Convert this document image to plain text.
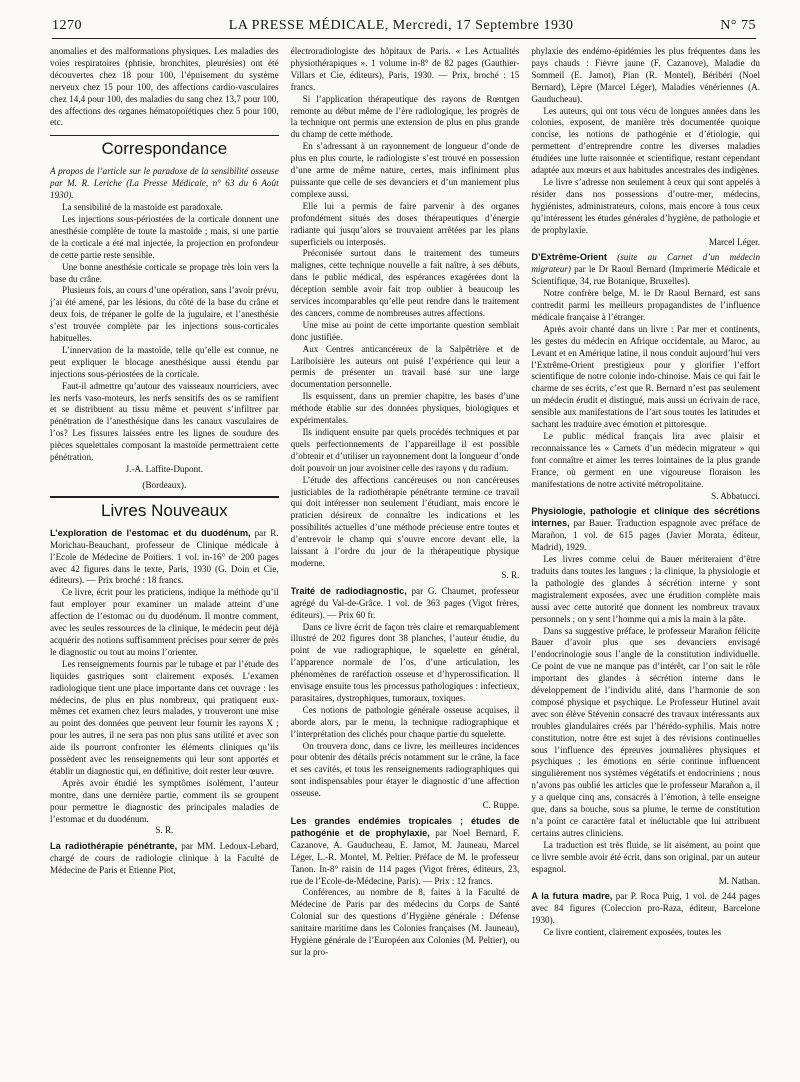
1270	LA PRESSE MÉDICALE, Mercredi, 17 Septembre 1930	N° 75

anomalies et des malformations physiques. Les maladies des voies respiratoires (phtisie, bronchites, pleurésies) ont été découvertes chez 18 pour 100, l’épuisement du système nerveux chez 15 pour 100, des affections cardio-vasculaires chez 14,4 pour 100, des maladies du sang chez 13,7 pour 100, des affections des organes hématopoïétiques chez 5 pour 100, etc.

Correspondance

A propos de l’article sur le paradoxe de la sensibilité osseuse par M. R. Leriche (La Presse Médicale, n° 63 du 6 Août 1930).

La sensibilité de la mastoïde est paradoxale.

Les injections sous-périostées de la corticale donnent une anesthésie complète de toute la mastoïde ; mais, si une partie de la corticale a été mal injectée, la projection en profondeur de cette partie reste sensible.

Une bonne anesthésie corticale se propage très loin vers la base du crâne.

Plusieurs fois, au cours d’une opération, sans l’avoir prévu, j’ai été amené, par les lésions, du côté de la base du crâne et deux fois, de trépaner le golfe de la jugulaire, et l’anesthésie s’est trouvée complète par les injections sous-corticales habituelles.

L’innervation de la mastoïde, telle qu’elle est connue, ne peut expliquer le blocage anesthésique aussi étendu par injections sous-périostées de la corticale.

Faut-il admettre qu’autour des vaisseaux nourriciers, avec les nerfs vaso-moteurs, les nerfs sensitifs des os se ramifient et se distribuent au tissu même et peuvent s’infiltrer par pénétration de l’anesthésique dans les canaux vasculaires de l’os? Les fissures laissées entre les lignes de soudure des pièces squelettales composant la mastoïde permettraient cette pénétration.

J.-A. Laffite-Dupont.

(Bordeaux).

Livres Nouveaux

L’exploration de l’estomac et du duodénum, par R. Morichau-Beauchant, professeur de Clinique médicale à l’Ecole de Médecine de Poitiers. 1 vol. in-16° de 200 pages avec 42 figures dans le texte, Paris, 1930 (G. Doin et Cie, éditeurs). — Prix broché : 18 francs.

Ce livre, écrit pour les praticiens, indique la méthode qu’il faut employer pour examiner un malade atteint d’une affection de l’estomac ou du duodénum. Il montre comment, avec les seules ressources de la clinique, le médecin peut déjà acquérir des notions suffisamment précises pour serrer de près le diagnostic ou tout au moins l’orienter.

Les renseignements fournis par le tubage et par l’étude des liquides gastriques sont clairement exposés. L’examen radiologique tient une place importante dans cet ouvrage : les médecins, de plus en plus nombreux, qui pratiquent eux-mêmes cet examen chez leurs malades, y trouveront une mise au point des données que peuvent leur fournir les rayons X ; pour les autres, il ne sera pas non plus sans utilité et avec son aide ils pourront confronter les éléments cliniques qu’ils possèdent avec les renseignements qui leur sont apportés et établir un diagnostic qui, en définitive, doit rester leur œuvre.

Après avoir étudié les symptômes isolément, l’auteur montre, dans une dernière partie, comment ils se groupent pour permettre le diagnostic des principales maladies de l’estomac et du duodénum.

S. R.

La radiothérapie pénétrante, par MM. Ledoux-Lebard, chargé de cours de radiologie clinique à la Faculté de Médecine de Paris et Etienne Piot,

électroradiologiste des hôpitaux de Paris. « Les Actualités physiothérapiques ». 1 volume in-8° de 82 pages (Gauthier-Villars et Cie, éditeurs), Paris, 1930. — Prix, broché : 15 francs.

Si l’application thérapeutique des rayons de Rœntgen remonte au début même de l’ère radiologique, les progrès de la technique ont permis une extension de plus en plus grande du champ de cette méthode.

En s’adressant à un rayonnement de longueur d’onde de plus en plus courte, le radiologiste s’est trouvé en possession d’une arme de même nature, certes, mais infiniment plus puissante que celle de ses devanciers et d’un maniement plus complexe aussi.

Elle lui a permis de faire parvenir à des organes profondément situés des doses thérapeutiques d’énergie radiante qui jusqu’alors se trouvaient arrêtées par les plans superficiels ou interposés.

Préconisée surtout dans le traitement des tumeurs malignes, cette technique nouvelle a fait naître, à ses débuts, dans le public médical, des espérances exagérées dont la déception semble avoir fait trop oublier à beaucoup les services incomparables qu’elle peut rendre dans le traitement des cancers, comme de nombreuses autres affections.

Une mise au point de cette importante question semblait donc justifiée.

Aux Centres anticancéreux de la Salpêtrière et de Lariboisière les auteurs ont puisé l’expérience qui leur a permis de présenter un travail basé sur une large documentation personnelle.

Ils esquissent, dans un premier chapitre, les bases d’une méthode établie sur des données physiques, biologiques et expérimentales.

Ils indiquent ensuite par quels procédés techniques et par quels perfectionnements de l’appareillage il est possible d’obtenir et d’utiliser un rayonnement dont la longueur d’onde doit pouvoir un jour avoisiner celle des rayons γ du radium.

L’étude des affections cancéreuses ou non cancéreuses justiciables de la radiothérapie pénétrante termine ce travail qui doit intéresser non seulement l’étudiant, mais encore le praticien désireux de connaître les indications et les possibilités actuelles d’une méthode précieuse entre toutes et d’entrevoir le champ qui s’ouvre encore devant elle, la laissant à l’ordre du jour de la thérapeutique physique moderne.

S. R.

Traité de radiodiagnostic, par G. Chaumet, professeur agrégé du Val-de-Grâce. 1 vol. de 363 pages (Vigot frères, éditeurs). — Prix 60 fr.

Dans ce livre écrit de façon très claire et remarquablement illustré de 202 figures dont 38 planches, l’auteur étudie, du point de vue radiographique, le squelette en général, l’apparence normale de l’os, d’une articulation, les phénomènes de raréfaction osseuse et d’hyperossification. Il envisage ensuite tous les processus pathologiques : infectieux, parasitaires, dystrophiques, tumoraux, toxiques.

Ces notions de pathologie générale osseuse acquises, il aborde alors, par le menu, la technique radiographique et l’interprétation des clichés pour chaque partie du squelette.

On trouvera donc, dans ce livre, les meilleures incidences pour obtenir des détails précis notamment sur le crâne, la face et ses cavités, et tous les renseignements radiographiques qui sont indispensables pour étayer le diagnostic d’une affection osseuse.

C. Ruppe.

Les grandes endémies tropicales ; études de pathogénie et de prophylaxie, par Noel Bernard, F. Cazanove, A. Gauducheau, E. Jamot, M. Jauneau, Marcel Léger, L.-R. Montel, M. Peltier. Préface de M. le professeur Tanon. In-8° raisin de 114 pages (Vigot frères, éditeurs, 23, rue de l’Ecole-de-Médecine, Paris). — Prix : 12 francs.

Conférences, au nombre de 8, faites à la Faculté de Médecine de Paris par des médecins du Corps de Santé Colonial sur des questions d’Hygiène générale : Défense sanitaire maritime dans les Colonies françaises (M. Jauneau), Hygiène générale de l’Européen aux Colonies (M. Peltier), ou sur la pro-

phylaxie des endémo-épidémies les plus fréquentes dans les pays chauds : Fièvre jaune (F. Cazanove), Maladie du Sommeil (E. Jamot), Pian (R. Montel), Béribéri (Noel Bernard), Lèpre (Marcel Léger), Maladies vénériennes (A. Gauducheau).

Les auteurs, qui ont tous vécu de longues années dans les colonies, exposent, de manière très documentée quoique concise, les notions de pathogénie et d’étiologie, qui permettent d’entreprendre contre les diverses maladies étudiées une lutte raisonnée et scientifique, restant cependant adaptée aux mœurs et aux habitudes ancestrales des indigènes.

Le livre s’adresse non seulement à ceux qui sont appelés à résider dans nos possessions d’outre-mer, médecins, hygiénistes, administrateurs, colons, mais encore à tous ceux qu’intéressent les études générales d’hygiène, de pathologie et de prophylaxie.

Marcel Léger.

D’Extrême-Orient (suite au Carnet d’un médecin migrateur) par le Dr Raoul Bernard (Imprimerie Médicale et Scientifique, 34, rue Botanique, Bruxelles).

Notre confrère belge, M. le Dr Raoul Bernard, est sans contredit parmi les meilleurs propagandistes de l’influence médicale française à l’étranger.

Après avoir chanté dans un livre : Par mer et continents, les gestes du médecin en Afrique occidentale, au Maroc, au Levant et en Amérique latine, il nous conduit aujourd’hui vers l’Extrême-Orient prestigieux pour y glorifier l’effort scientifique de notre colonie indo-chinoise. Mais ce qui fait le charme de ses écrits, c’est que R. Bernard n’est pas seulement un médecin érudit et distingué, mais aussi un écrivain de race, sensible aux manifestations de l’art sous toutes les latitudes et sachant les traduire avec émotion et pittoresque.

Le public médical français lira avec plaisir et reconnaissance les « Carnets d’un médecin migrateur » qui font connaître et aimer les terres lointaines de la plus grande France, où germent en une vigoureuse floraison les manifestations de notre activité métropolitaine.

S. Abbatucci.

Physiologie, pathologie et clinique des sécrétions internes, par Bauer. Traduction espagnole avec préface de Marañon, 1 vol. de 615 pages (Javier Morata, éditeur, Madrid), 1929.

Les livres comme celui de Bauer mériteraient d’être traduits dans toutes les langues ; la clinique, la physiologie et la pathologie des glandes à sécrétion interne y sont magistralement exposées, avec une érudition complète mais aussi avec cette autorité que donnent les nombreux travaux personnels ; on y sent l’homme qui a mis la main à la pâte.

Dans sa suggestive préface, le professeur Marañon félicite Bauer d’avoir plus que ses devanciers envisagé l’endocrinologie sous l’angle de la constitution individuelle. Ce point de vue ne manque pas d’intérêt, car l’on sait le rôle important des glandes à sécrétion interne dans le développement de l’individu alité, dans l’harmonie de son composé physique et psychique. Le Professeur Hutinel avait avec son élève Stévenin consacré des travaux intéressants aux troubles glandulaires créés par l’hérédo-syphilis. Mais notre constitution, notre être est sujet à des révisions continuelles sous l’influence des épreuves journalières physiques et psychiques ; les émotions en série continue influencent singulièrement nos systèmes végétatifs et endocriniens ; nous n’avons pas oublié les articles que le professeur Marañon a, il y a quelque cinq ans, consacrés à l’émotion, à telle enseigne que, dans sa bouche, sous sa plume, le terme de constitution n’a point ce caractère fatal et inéluctable que lui attribuent certains autres cliniciens.

La traduction est très fluide, se lit aisément, au point que ce livre semble avoir été écrit, dans son original, par un auteur espagnol.

M. Nathan.

A la futura madre, par P. Roca Puig, 1 vol. de 244 pages avec 84 figures (Coleccion pro-Raza, éditeur, Barcelone 1930).

Ce livre contient, clairement exposées, toutes les
